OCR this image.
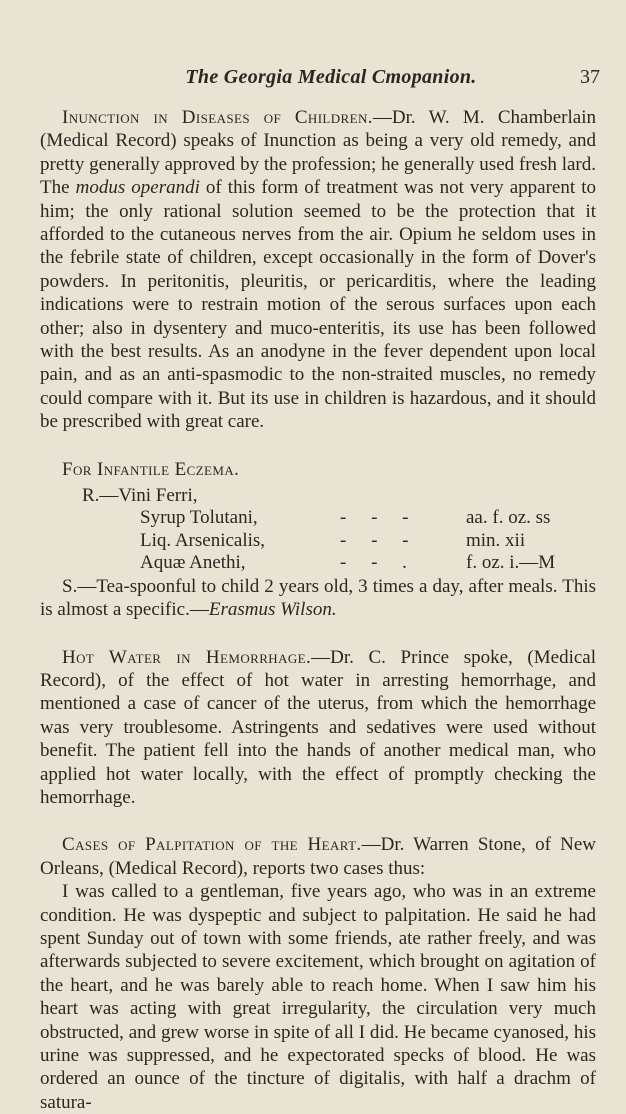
The Georgia Medical Cmopanion.	37

Inunction in Diseases of Children.—Dr. W. M. Chamberlain (Medical Record) speaks of Inunction as being a very old remedy, and pretty generally approved by the profession; he generally used fresh lard. The modus operandi of this form of treatment was not very apparent to him; the only rational solution seemed to be the protection that it afforded to the cutaneous nerves from the air. Opium he seldom uses in the febrile state of children, except occasionally in the form of Dover's powders. In peritonitis, pleuritis, or pericarditis, where the leading indications were to restrain motion of the serous surfaces upon each other; also in dysentery and muco-enteritis, its use has been followed with the best results. As an anodyne in the fever dependent upon local pain, and as an anti-spasmodic to the non-straited muscles, no remedy could compare with it. But its use in children is hazardous, and it should be prescribed with great care.

For Infantile Eczema.
R.—Vini Ferri,
Syrup Tolutani,	- - -	aa. f. oz. ss
Liq. Arsenicalis,	- - -	min. xii
Aquæ Anethi,	- - .	f. oz. i.—M

S.—Tea-spoonful to child 2 years old, 3 times a day, after meals. This is almost a specific.—Erasmus Wilson.

Hot Water in Hemorrhage.—Dr. C. Prince spoke, (Medical Record), of the effect of hot water in arresting hemorrhage, and mentioned a case of cancer of the uterus, from which the hemorrhage was very troublesome. Astringents and sedatives were used without benefit. The patient fell into the hands of another medical man, who applied hot water locally, with the effect of promptly checking the hemorrhage.

Cases of Palpitation of the Heart.—Dr. Warren Stone, of New Orleans, (Medical Record), reports two cases thus:

I was called to a gentleman, five years ago, who was in an extreme condition. He was dyspeptic and subject to palpitation. He said he had spent Sunday out of town with some friends, ate rather freely, and was afterwards subjected to severe excitement, which brought on agitation of the heart, and he was barely able to reach home. When I saw him his heart was acting with great irregularity, the circulation very much obstructed, and grew worse in spite of all I did. He became cyanosed, his urine was suppressed, and he expectorated specks of blood. He was ordered an ounce of the tincture of digitalis, with half a drachm of satura-
